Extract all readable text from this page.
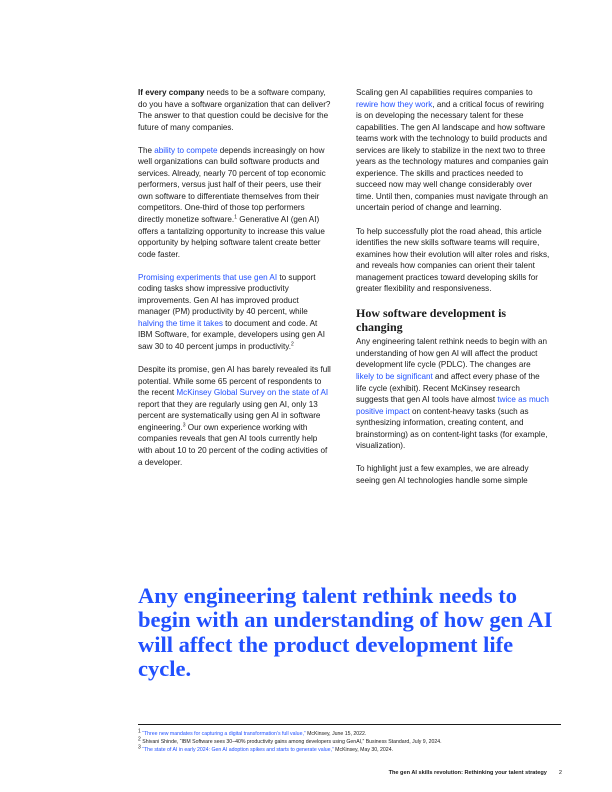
If every company needs to be a software company, do you have a software organization that can deliver? The answer to that question could be decisive for the future of many companies.

The ability to compete depends increasingly on how well organizations can build software products and services. Already, nearly 70 percent of top economic performers, versus just half of their peers, use their own software to differentiate themselves from their competitors. One-third of those top performers directly monetize software.$^1$ Generative AI (gen AI) offers a tantalizing opportunity to increase this value opportunity by helping software talent create better code faster.

Promising experiments that use gen AI to support coding tasks show impressive productivity improvements. Gen AI has improved product manager (PM) productivity by 40 percent, while halving the time it takes to document and code. At IBM Software, for example, developers using gen AI saw 30 to 40 percent jumps in productivity.$^2$

Despite its promise, gen AI has barely revealed its full potential. While some 65 percent of respondents to the recent McKinsey Global Survey on the state of AI report that they are regularly using gen AI, only 13 percent are systematically using gen AI in software engineering.$^3$ Our own experience working with companies reveals that gen AI tools currently help with about 10 to 20 percent of the coding activities of a developer.

Scaling gen AI capabilities requires companies to rewire how they work, and a critical focus of rewiring is on developing the necessary talent for these capabilities. The gen AI landscape and how software teams work with the technology to build products and services are likely to stabilize in the next two to three years as the technology matures and companies gain experience. The skills and practices needed to succeed now may well change considerably over time. Until then, companies must navigate through an uncertain period of change and learning.

To help successfully plot the road ahead, this article identifies the new skills software teams will require, examines how their evolution will alter roles and risks, and reveals how companies can orient their talent management practices toward developing skills for greater flexibility and responsiveness.

How software development is changing

Any engineering talent rethink needs to begin with an understanding of how gen AI will affect the product development life cycle (PDLC). The changes are likely to be significant and affect every phase of the life cycle (exhibit). Recent McKinsey research suggests that gen AI tools have almost twice as much positive impact on content-heavy tasks (such as synthesizing information, creating content, and brainstorming) as on content-light tasks (for example, visualization).

To highlight just a few examples, we are already seeing gen AI technologies handle some simple

Any engineering talent rethink needs to begin with an understanding of how gen AI will affect the product development life cycle.

$^1$ “Three new mandates for capturing a digital transformation’s full value,” McKinsey, June 15, 2022.
$^2$ Shivani Shinde, “IBM Software sees 30–40% productivity gains among developers using GenAI,” Business Standard, July 9, 2024.
$^3$ “The state of AI in early 2024: Gen AI adoption spikes and starts to generate value,” McKinsey, May 30, 2024.
The gen AI skills revolution: Rethinking your talent strategy 2
